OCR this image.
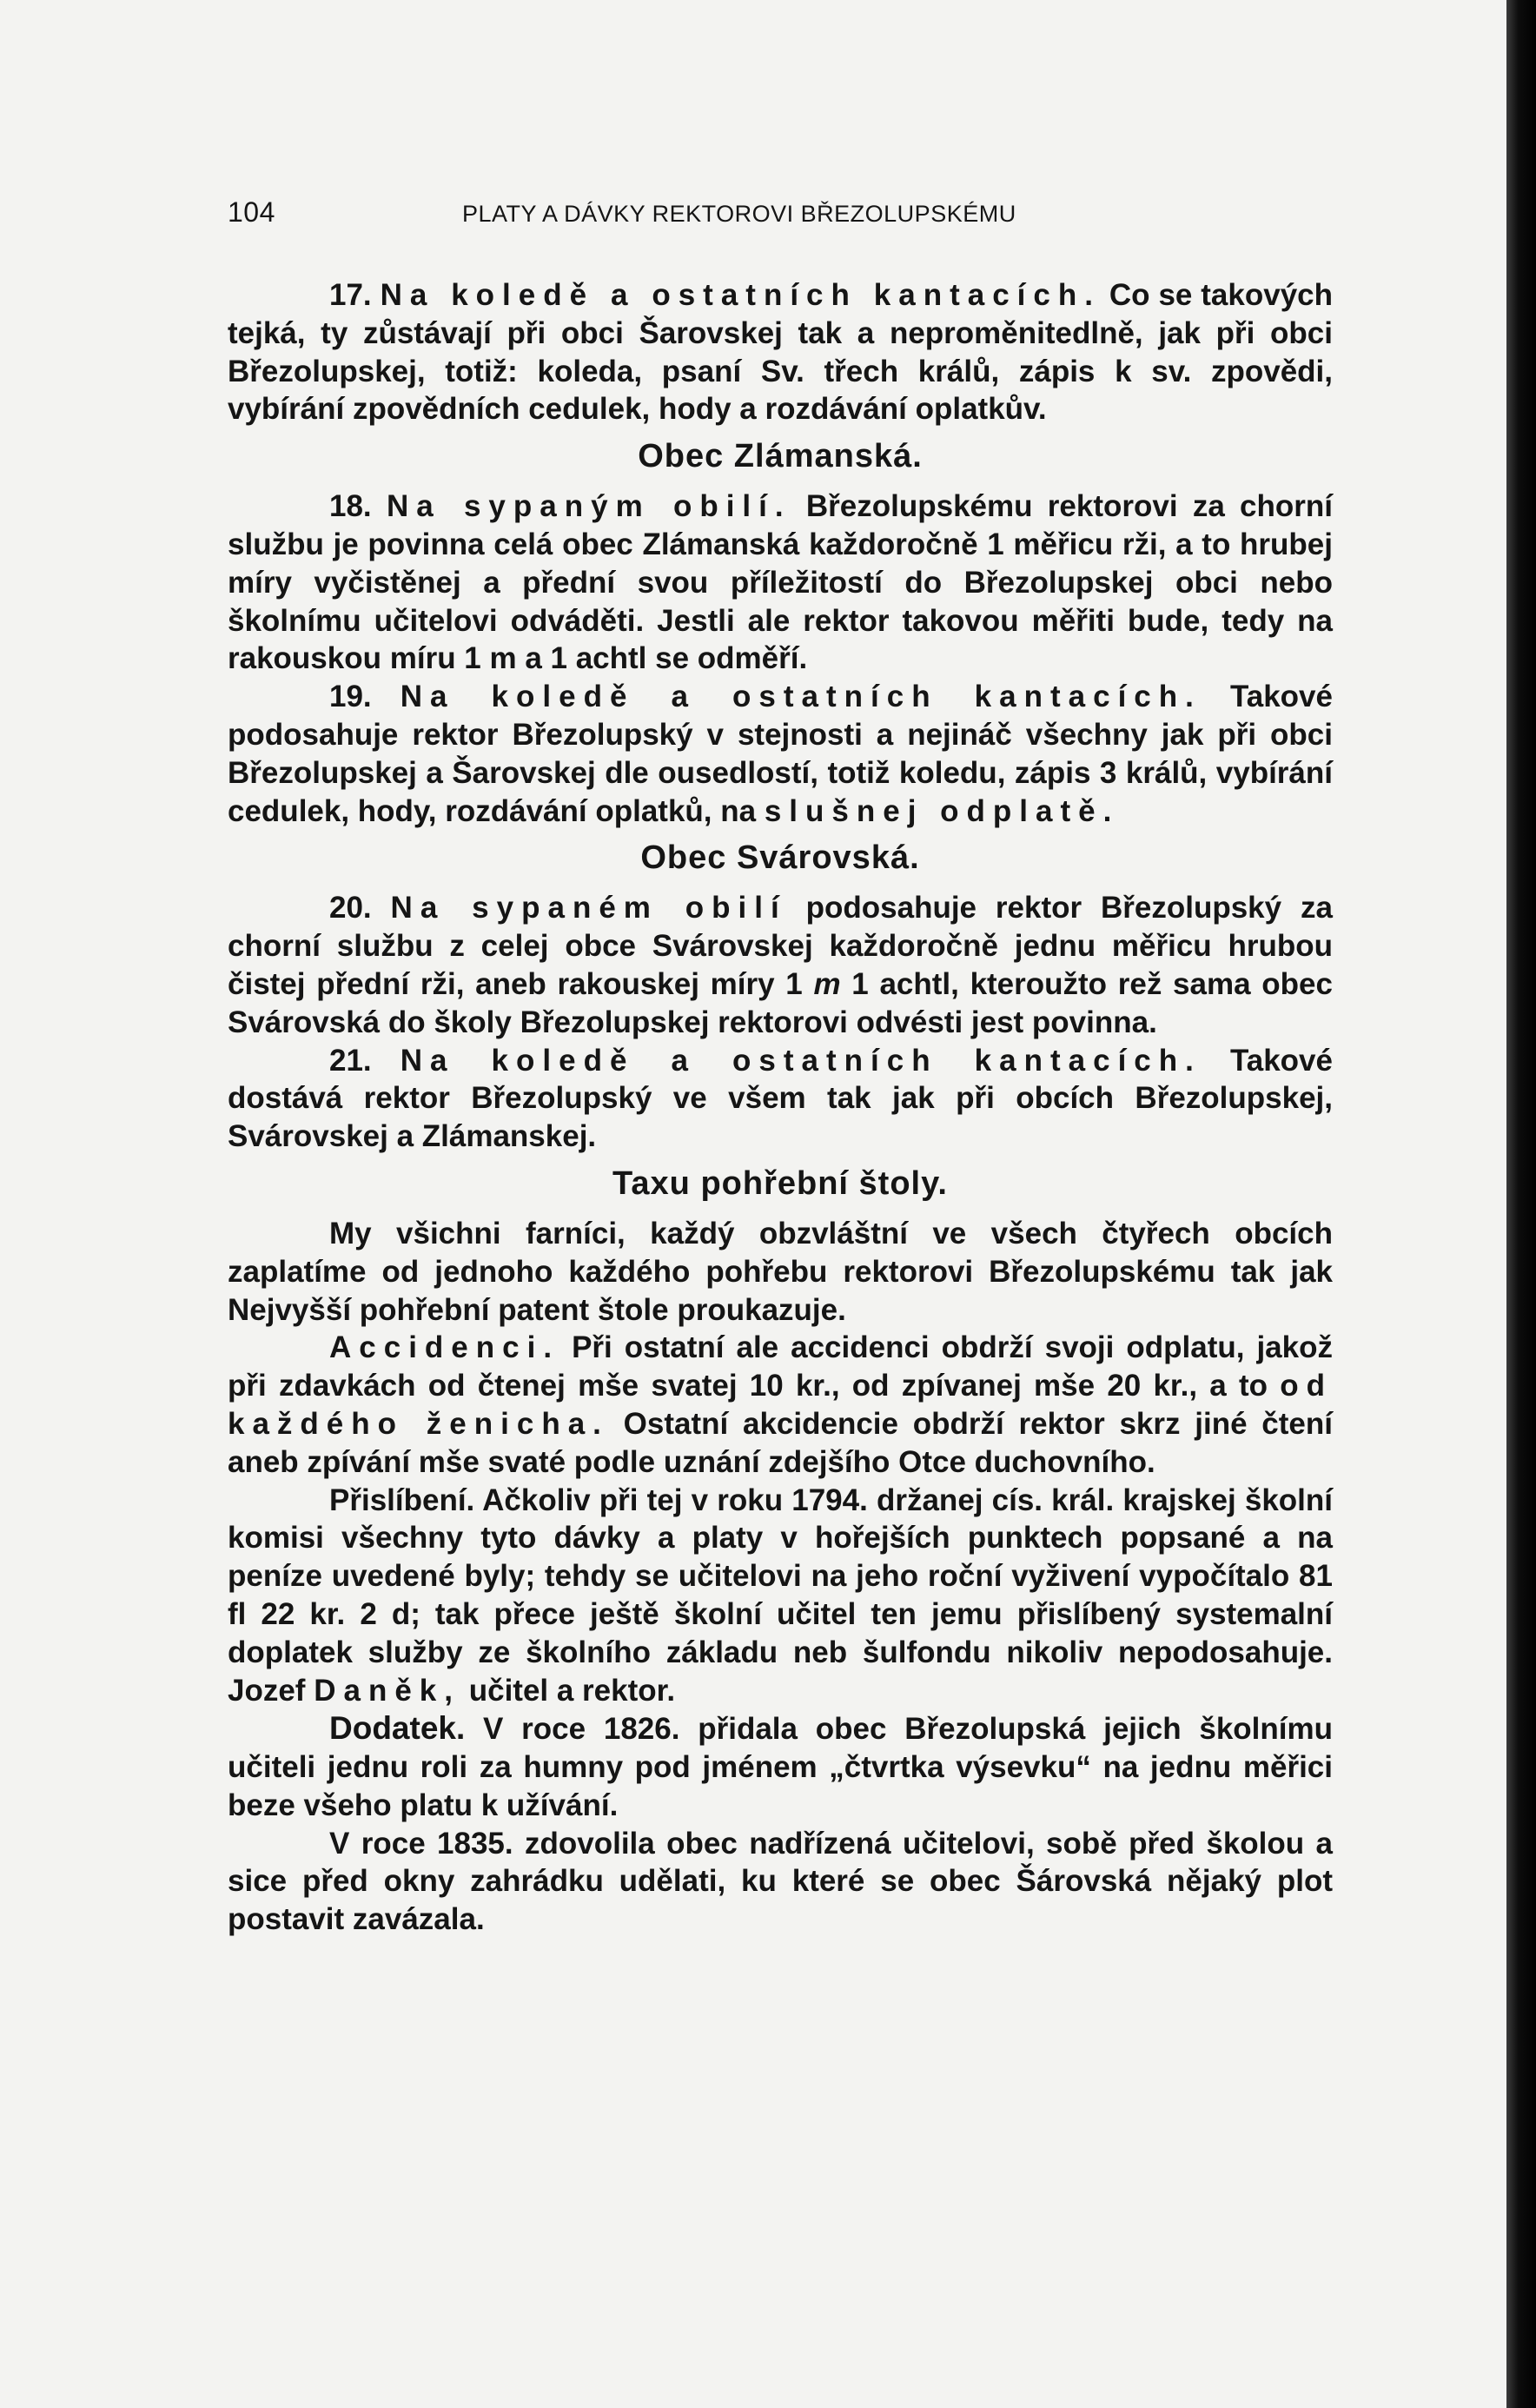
104	PLATY A DÁVKY REKTOROVI BŘEZOLUPSKÉMU

17. Na koledě a ostatních kantacích. Co se takových tejká, ty zůstávají při obci Šarovskej tak a neproměnitedlně, jak při obci Březolupskej, totiž: koleda, psaní Sv. třech králů, zápis k sv. zpovědi, vybírání zpovědních cedulek, hody a rozdávání oplatkův.

Obec Zlámanská.

18. Na sypaným obilí. Březolupskému rektorovi za chorní službu je povinna celá obec Zlámanská každoročně 1 měřicu rži, a to hrubej míry vyčistěnej a přední svou příležitostí do Březolupskej obci nebo školnímu učitelovi odváděti. Jestli ale rektor takovou měřiti bude, tedy na rakouskou míru 1 m a 1 achtl se odměří.

19. Na koledě a ostatních kantacích. Takové podosahuje rektor Březolupský v stejnosti a nejináč všechny jak při obci Březolupskej a Šarovskej dle ousedlostí, totiž koledu, zápis 3 králů, vybírání cedulek, hody, rozdávání oplatků, na slušnej odplatě.

Obec Svárovská.

20. Na sypaném obilí podosahuje rektor Březolupský za chorní službu z celej obce Svárovskej každoročně jednu měřicu hrubou čistej přední rži, aneb rakouskej míry 1 m 1 achtl, kteroužto rež sama obec Svárovská do školy Březolupskej rektorovi odvésti jest povinna.

21. Na koledě a ostatních kantacích. Takové dostává rektor Březolupský ve všem tak jak při obcích Březolupskej, Svárovskej a Zlámanskej.

Taxu pohřební štoly.

My všichni farníci, každý obzvláštní ve všech čtyřech obcích zaplatíme od jednoho každého pohřebu rektorovi Březolupskému tak jak Nejvyšší pohřební patent štole proukazuje.

Accidenci. Při ostatní ale accidenci obdrží svoji odplatu, jakož při zdavkách od čtenej mše svatej 10 kr., od zpívanej mše 20 kr., a to od každého ženicha. Ostatní akcidencie obdrží rektor skrz jiné čtení aneb zpívání mše svaté podle uznání zdejšího Otce duchovního.

Přislíbení. Ačkoliv při tej v roku 1794. držanej cís. král. krajskej školní komisi všechny tyto dávky a platy v hořejších punktech popsané a na peníze uvedené byly; tehdy se učitelovi na jeho roční vyživení vypočítalo 81 fl 22 kr. 2 d; tak přece ještě školní učitel ten jemu přislíbený systemalní doplatek služby ze školního základu neb šulfondu nikoliv nepodosahuje. Jozef Daněk, učitel a rektor.

Dodatek. V roce 1826. přidala obec Březolupská jejich školnímu učiteli jednu roli za humny pod jménem „čtvrtka výsevku“ na jednu měřici beze všeho platu k užívání.

V roce 1835. zdovolila obec nadřízená učitelovi, sobě před školou a sice před okny zahrádku udělati, ku které se obec Šárovská nějaký plot postavit zavázala.
